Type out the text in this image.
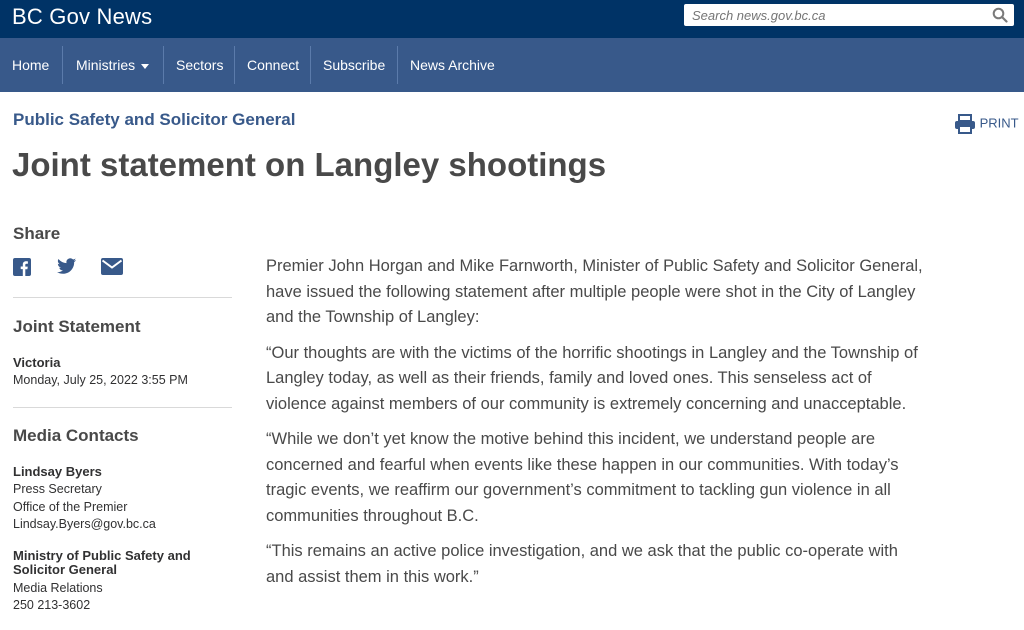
BC Gov News
Search news.gov.bc.ca
Home	Ministries	Sectors	Connect	Subscribe	News Archive
Public Safety and Solicitor General	PRINT
Joint statement on Langley shootings
Share
Joint Statement
Victoria
Monday, July 25, 2022 3:55 PM
Media Contacts
Lindsay Byers
Press Secretary
Office of the Premier
Lindsay.Byers@gov.bc.ca
Ministry of Public Safety and
Solicitor General
Media Relations
250 213-3602

Premier John Horgan and Mike Farnworth, Minister of Public Safety and Solicitor General, have issued the following statement after multiple people were shot in the City of Langley and the Township of Langley:

“Our thoughts are with the victims of the horrific shootings in Langley and the Township of Langley today, as well as their friends, family and loved ones. This senseless act of violence against members of our community is extremely concerning and unacceptable.

“While we don’t yet know the motive behind this incident, we understand people are concerned and fearful when events like these happen in our communities. With today’s tragic events, we reaffirm our government’s commitment to tackling gun violence in all communities throughout B.C.

“This remains an active police investigation, and we ask that the public co-operate with and assist them in this work.”
